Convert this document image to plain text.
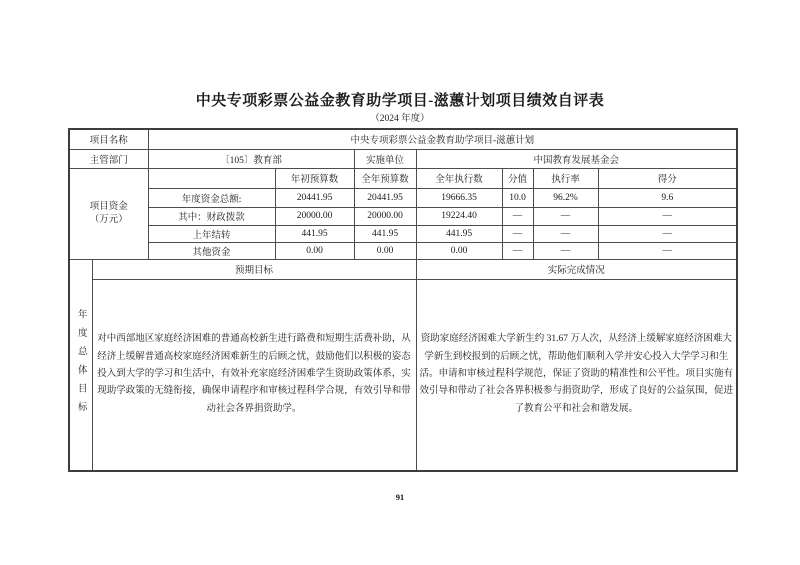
中央专项彩票公益金教育助学项目-滋蕙计划项目绩效自评表
（2024 年度）
项目名称		中央专项彩票公益金教育助学项目-滋蕙计划						
主管部门		〔105〕教育部		实施单位	中国教育发展基金会			

项目资金
（万元）			年初预算数	全年预算数	全年执行数	分值	执行率	得分
		年度资金总额:	20441.95	20441.95	19666.35	10.0	96.2%	9.6
		其中：财政拨款	20000.00	20000.00	19224.40	—	—	—
		上年结转	441.95	441.95	441.95	—	—	—
		其他资金	0.00	0.00	0.00	—	—	—

年度总体目标	预期目标				实际完成情况			
	对中西部地区家庭经济困难的普通高校新生进行路费和短期生活费补助，从经济上缓解普通高校家庭经济困难新生的后顾之忧，鼓励他们以积极的姿态投入到大学的学习和生活中，有效补充家庭经济困难学生资助政策体系，实现助学政策的无缝衔接，确保申请程序和审核过程科学合规，有效引导和带动社会各界捐资助学。				资助家庭经济困难大学新生约 31.67 万人次，从经济上缓解家庭经济困难大学新生到校报到的后顾之忧，帮助他们顺利入学并安心投入大学学习和生活。申请和审核过程科学规范，保证了资助的精准性和公平性。项目实施有效引导和带动了社会各界积极参与捐资助学，形成了良好的公益氛围，促进了教育公平和社会和谐发展。			
91
